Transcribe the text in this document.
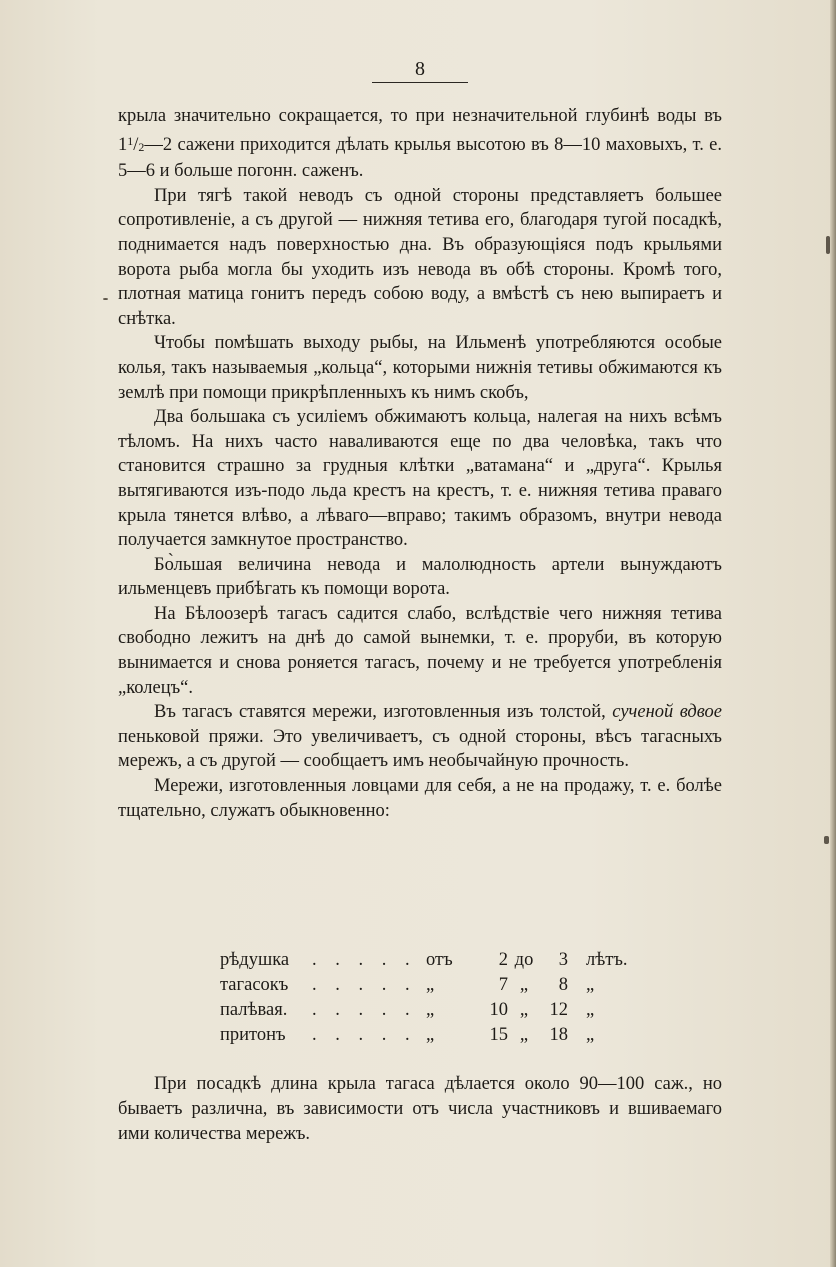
8

крыла значительно сокращается, то при незначительной глубинѣ воды въ $1^1/2—2$ сажени приходится дѣлать крылья высотою въ 8—10 маховыхъ, т. е. 5—6 и больше погонн. саженъ.

При тягѣ такой неводъ съ одной стороны представляетъ большее сопротивленіе, а съ другой — нижняя тетива его, благодаря тугой посадкѣ, поднимается надъ поверхностью дна. Въ образующіяся подъ крыльями ворота рыба могла бы уходить изъ невода въ обѣ стороны. Кромѣ того, плотная матица гонитъ передъ собою воду, а вмѣстѣ съ нею выпираетъ и снѣтка.

Чтобы помѣшать выходу рыбы, на Ильменѣ употребляются особые колья, такъ называемыя „кольца“, которыми нижнія тетивы обжимаются къ землѣ при помощи прикрѣпленныхъ къ нимъ скобъ,

Два большака съ усиліемъ обжимаютъ кольца, налегая на нихъ всѣмъ тѣломъ. На нихъ часто наваливаются еще по два человѣка, такъ что становится страшно за грудныя клѣтки „ватамана“ и „друга“. Крылья вытягиваются изъ-подо льда крестъ на крестъ, т. е. нижняя тетива праваго крыла тянется влѣво, а лѣваго—вправо; такимъ образомъ, внутри невода получается замкнутое пространство.

Бо̀льшая величина невода и малолюдность артели вынуждаютъ ильменцевъ прибѣгать къ помощи ворота.

На Бѣлоозерѣ тагасъ садится слабо, вслѣдствіе чего нижняя тетива свободно лежитъ на днѣ до самой вынемки, т. е. проруби, въ которую вынимается и снова роняется тагасъ, почему и не требуется употребленія „колецъ“.

Въ тагасъ ставятся мережи, изготовленныя изъ толстой, сученой вдвое пеньковой пряжи. Это увеличиваетъ, съ одной стороны, вѣсъ тагасныхъ мережъ, а съ другой — сообщаетъ имъ необычайную прочность.

Мережи, изготовленныя ловцами для себя, а не на продажу, т. е. болѣе тщательно, служатъ обыкновенно:

рѣдушка . . . . . отъ	2 до	3 лѣтъ.
тагасокъ . . . . . „	7 „	8 „
палѣвая. . . . . . „	10 „	12 „
притонъ . . . . . „	15 „	18 „

При посадкѣ длина крыла тагаса дѣлается около 90—100 саж., но бываетъ различна, въ зависимости отъ числа участниковъ и вшиваемаго ими количества мережъ.
